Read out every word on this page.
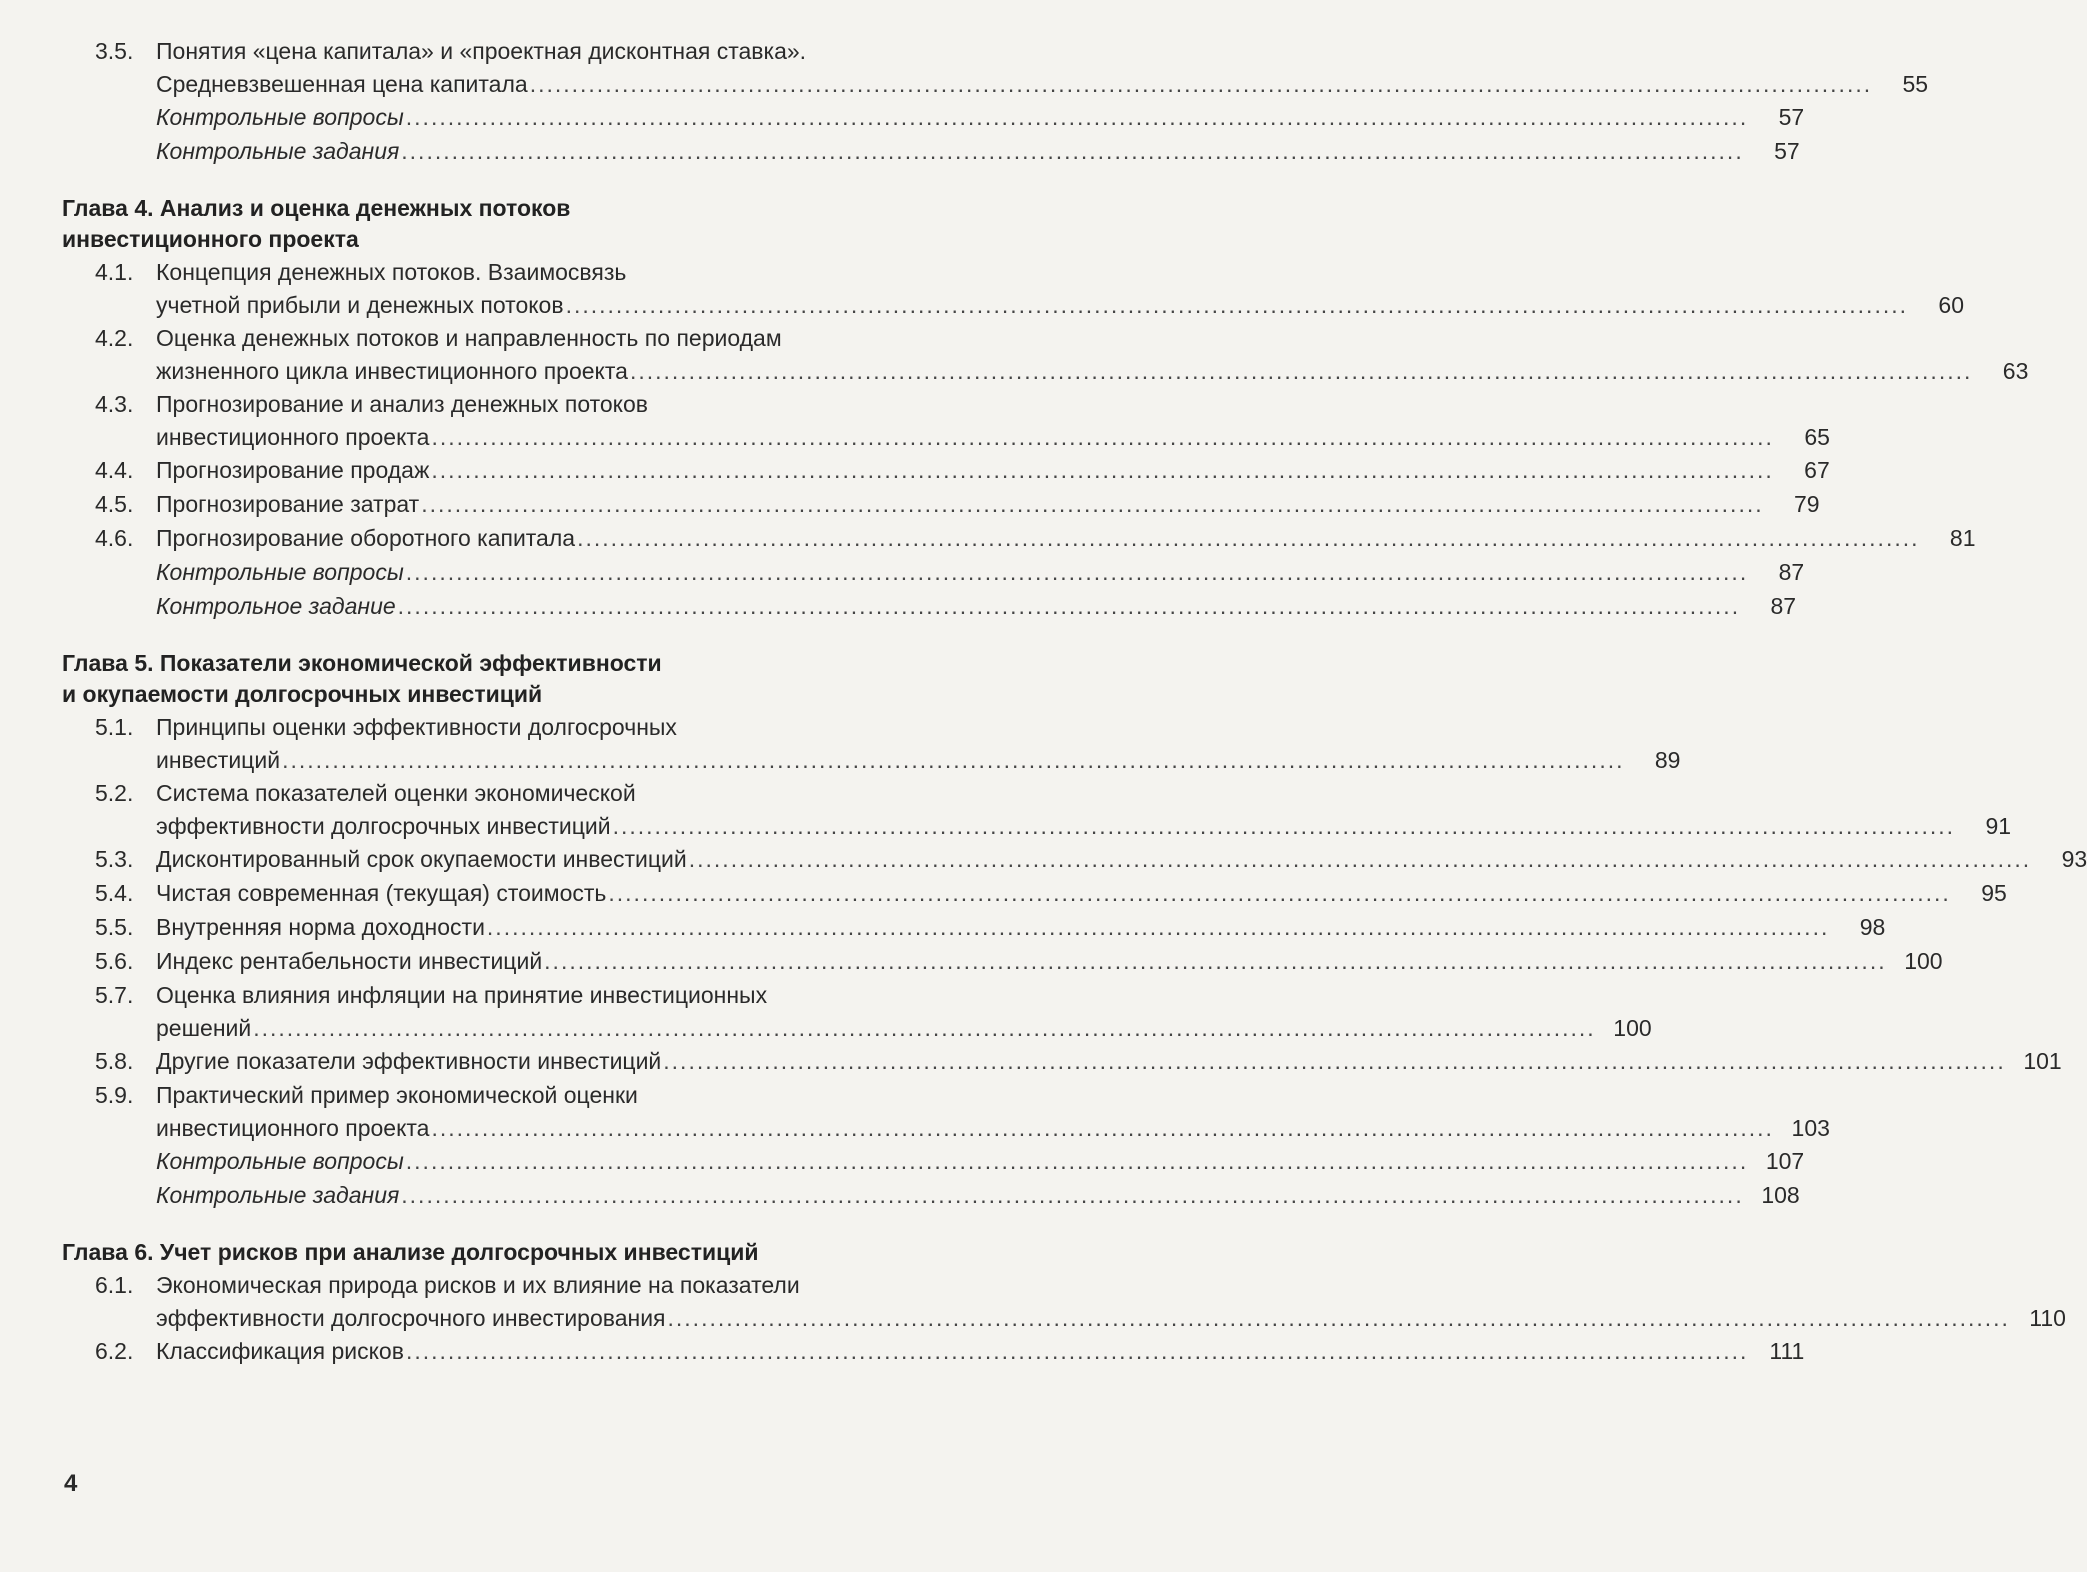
3.5. Понятия «цена капитала» и «проектная дисконтная ставка».
Средневзвешенная цена капитала ................................................................................................................................................................	55
Контрольные вопросы ................................................................................................................................................................	57
Контрольные задания ................................................................................................................................................................	57
Глава 4. Анализ и оценка денежных потоков
инвестиционного проекта
4.1. Концепция денежных потоков. Взаимосвязь
учетной прибыли и денежных потоков ................................................................................................................................................................	60
4.2. Оценка денежных потоков и направленность по периодам
жизненного цикла инвестиционного проекта ................................................................................................................................................................	63
4.3. Прогнозирование и анализ денежных потоков
инвестиционного проекта ................................................................................................................................................................	65
4.4. Прогнозирование продаж ................................................................................................................................................................	67
4.5. Прогнозирование затрат ................................................................................................................................................................	79
4.6. Прогнозирование оборотного капитала ................................................................................................................................................................	81
Контрольные вопросы ................................................................................................................................................................	87
Контрольное задание ................................................................................................................................................................	87
Глава 5. Показатели экономической эффективности
и окупаемости долгосрочных инвестиций
5.1. Принципы оценки эффективности долгосрочных
инвестиций ................................................................................................................................................................	89
5.2. Система показателей оценки экономической
эффективности долгосрочных инвестиций ................................................................................................................................................................	91
5.3. Дисконтированный срок окупаемости инвестиций ................................................................................................................................................................	93
5.4. Чистая современная (текущая) стоимость ................................................................................................................................................................	95
5.5. Внутренняя норма доходности ................................................................................................................................................................	98
5.6. Индекс рентабельности инвестиций ................................................................................................................................................................ 100
5.7. Оценка влияния инфляции на принятие инвестиционных
решений ................................................................................................................................................................ 100
5.8. Другие показатели эффективности инвестиций ................................................................................................................................................................ 101
5.9. Практический пример экономической оценки
инвестиционного проекта ................................................................................................................................................................ 103
Контрольные вопросы ................................................................................................................................................................ 107
Контрольные задания ................................................................................................................................................................ 108
Глава 6. Учет рисков при анализе долгосрочных инвестиций
6.1. Экономическая природа рисков и их влияние на показатели
эффективности долгосрочного инвестирования ................................................................................................................................................................ 110
6.2. Классификация рисков ................................................................................................................................................................ 111
4
